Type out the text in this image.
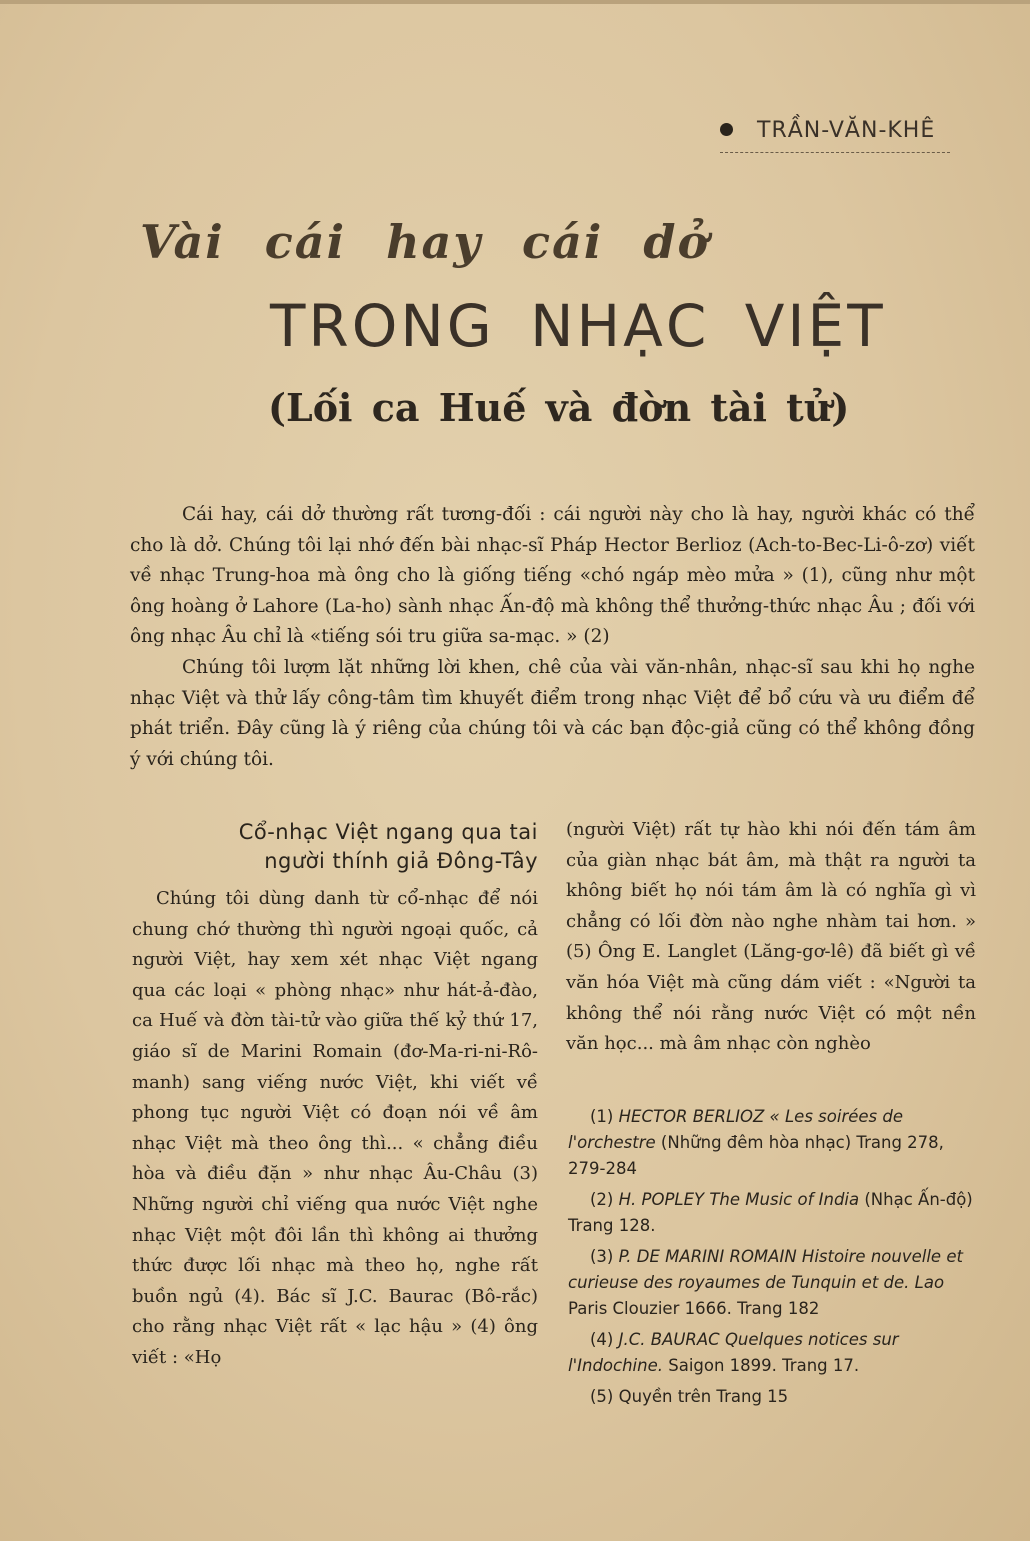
TRẦN-VĂN-KHÊ
Vài cái hay cái dở
TRONG NHẠC VIỆT
(Lối ca Huế và đờn tài tử)

Cái hay, cái dở thường rất tương-đối : cái người này cho là hay, người khác có thể cho là dở. Chúng tôi lại nhớ đến bài nhạc-sĩ Pháp Hector Berlioz (Ach-to-Bec-Li-ô-zơ) viết về nhạc Trung-hoa mà ông cho là giống tiếng «chó ngáp mèo mửa » (1), cũng như một ông hoàng ở Lahore (La-ho) sành nhạc Ấn-độ mà không thể thưởng-thức nhạc Âu ; đối với ông nhạc Âu chỉ là «tiếng sói tru giữa sa-mạc. » (2)

Chúng tôi lượm lặt những lời khen, chê của vài văn-nhân, nhạc-sĩ sau khi họ nghe nhạc Việt và thử lấy công-tâm tìm khuyết điểm trong nhạc Việt để bổ cứu và ưu điểm để phát triển. Đây cũng là ý riêng của chúng tôi và các bạn độc-giả cũng có thể không đồng ý với chúng tôi.

Cổ-nhạc Việt ngang qua tai
người thính giả Đông-Tây

Chúng tôi dùng danh từ cổ-nhạc để nói chung chớ thường thì người ngoại quốc, cả người Việt, hay xem xét nhạc Việt ngang qua các loại « phòng nhạc» như hát-ả-đào, ca Huế và đờn tài-tử vào giữa thế kỷ thứ 17, giáo sĩ de Marini Romain (đơ-Ma-ri-ni-Rô-manh) sang viếng nước Việt, khi viết về phong tục người Việt có đoạn nói về âm nhạc Việt mà theo ông thì... « chẳng điều hòa và điều đặn » như nhạc Âu-Châu (3) Những người chỉ viếng qua nước Việt nghe nhạc Việt một đôi lần thì không ai thưởng thức được lối nhạc mà theo họ, nghe rất buồn ngủ (4). Bác sĩ J.C. Baurac (Bô-rắc) cho rằng nhạc Việt rất « lạc hậu » (4) ông viết : «Họ

(người Việt) rất tự hào khi nói đến tám âm của giàn nhạc bát âm, mà thật ra người ta không biết họ nói tám âm là có nghĩa gì vì chẳng có lối đờn nào nghe nhàm tai hơn. » (5) Ông E. Langlet (Lăng-gơ-lê) đã biết gì về văn hóa Việt mà cũng dám viết : «Người ta không thể nói rằng nước Việt có một nền văn học... mà âm nhạc còn nghèo

(1) HECTOR BERLIOZ « Les soirées de l'orchestre (Những đêm hòa nhạc) Trang 278, 279-284

(2) H. POPLEY The Music of India (Nhạc Ấn-độ) Trang 128.

(3) P. DE MARINI ROMAIN Histoire nouvelle et curieuse des royaumes de Tunquin et de. Lao Paris Clouzier 1666. Trang 182

(4) J.C. BAURAC Quelques notices sur l'Indochine. Saigon 1899. Trang 17.

(5) Quyền trên Trang 15
